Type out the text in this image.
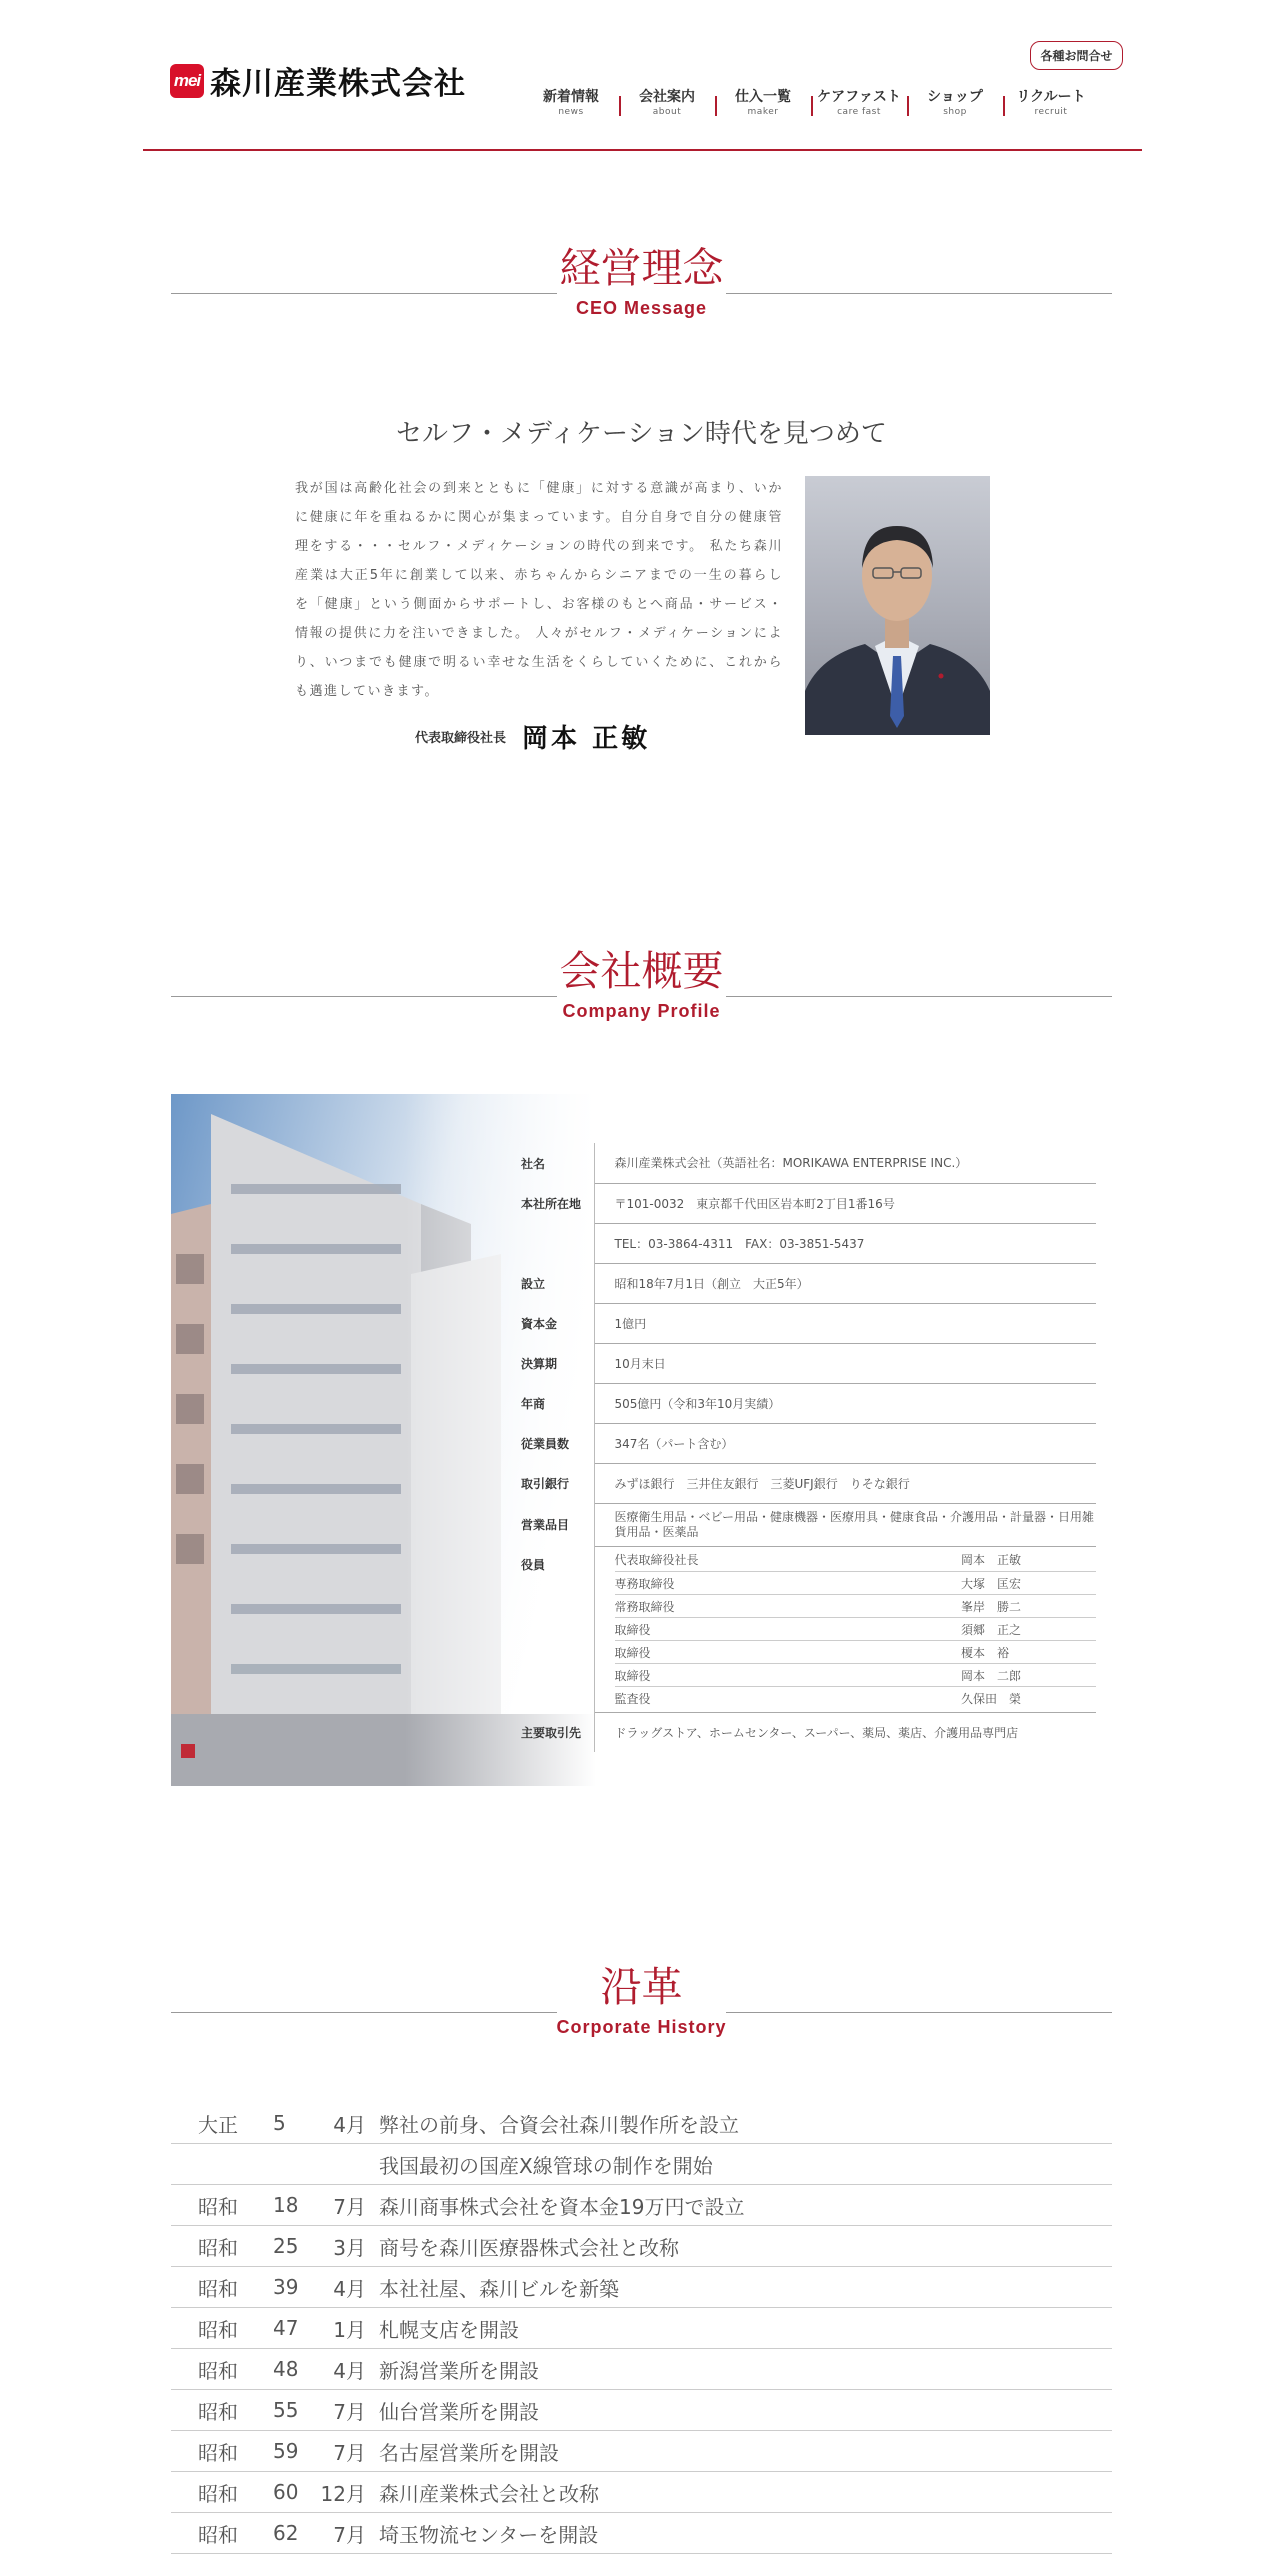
mei 森川産業株式会社
各種お問合せ
新着情報
news
会社案内
about
仕入一覧
maker
ケアファスト
care fast
ショップ
shop
リクルート
recruit
経営理念
CEO Message
セルフ・メディケーション時代を見つめて
我が国は高齢化社会の到来とともに「健康」に対する意識が高まり、いかに健康に年を重ねるかに関心が集まっています。自分自身で自分の健康管理をする・・・セルフ・メディケーションの時代の到来です。 私たち森川産業は大正5年に創業して以来、赤ちゃんからシニアまでの一生の暮らしを「健康」という側面からサポートし、お客様のもとへ商品・サービス・情報の提供に力を注いできました。 人々がセルフ・メディケーションにより、いつまでも健康で明るい幸せな生活をくらしていくために、これからも邁進していきます。
代表取締役社長 岡本 正敏
会社概要
Company Profile
社名	森川産業株式会社（英語社名：MORIKAWA ENTERPRISE INC.）
本社所在地	〒101-0032　東京都千代田区岩本町2丁目1番16号
	TEL：03-3864-4311　FAX：03-3851-5437
設立	昭和18年7月1日（創立　大正5年）
資本金	1億円
決算期	10月末日
年商	505億円（令和3年10月実績）
従業員数	347名（パート含む）
取引銀行	みずほ銀行　三井住友銀行　三菱UFJ銀行　りそな銀行
営業品目	医療衛生用品・ベビー用品・健康機器・医療用具・健康食品・介護用品・計量器・日用雑貨用品・医薬品
役員		代表取締役社長	岡本　正敏
専務取締役	大塚　匡宏
常務取締役	峯岸　勝二
取締役	須郷　正之
取締役	榎本　裕
取締役	岡本　二郎
監査役	久保田　榮

主要取引先	ドラッグストア、ホームセンター、スーパー、薬局、薬店、介護用品専門店
沿革
Corporate History
大正	5	4月 弊社の前身、合資会社森川製作所を設立
我国最初の国産X線管球の制作を開始
昭和	18	7月 森川商事株式会社を資本金19万円で設立
昭和	25	3月 商号を森川医療器株式会社と改称
昭和	39	4月 本社社屋、森川ビルを新築
昭和	47	1月 札幌支店を開設
昭和	48	4月 新潟営業所を開設
昭和	55	7月 仙台営業所を開設
昭和	59	7月 名古屋営業所を開設
昭和	60	12月 森川産業株式会社と改称
昭和	62	7月 埼玉物流センターを開設
